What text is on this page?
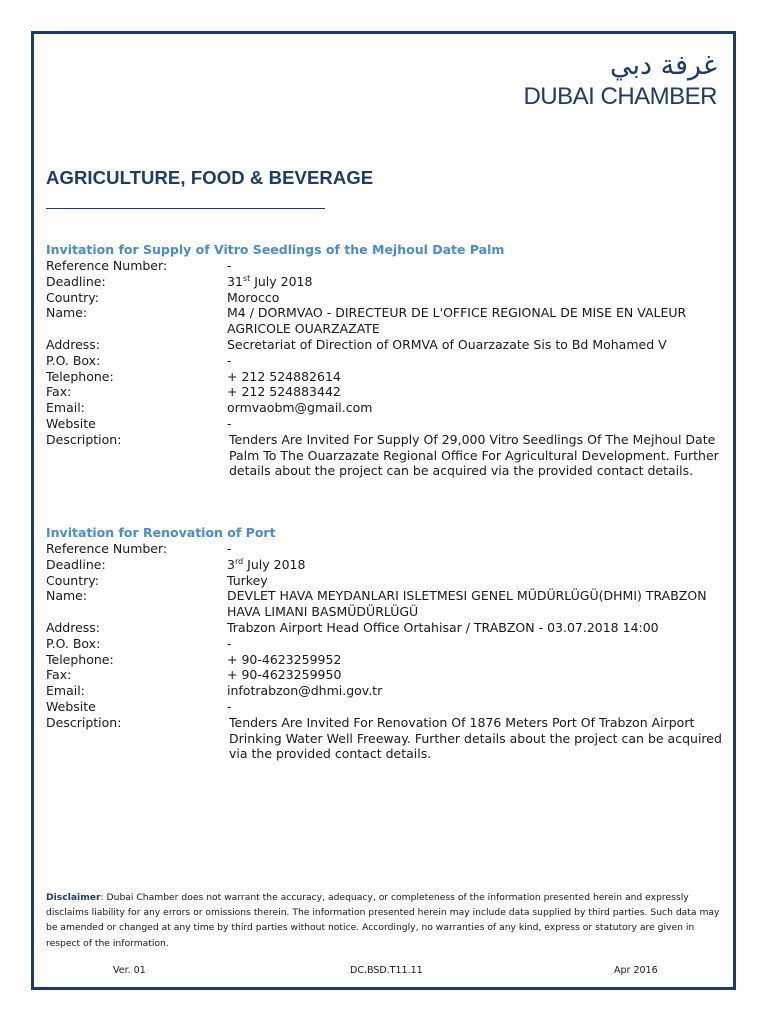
غرفة دبي
DUBAI CHAMBER
AGRICULTURE, FOOD & BEVERAGE
Invitation for Supply of Vitro Seedlings of the Mejhoul Date Palm
Reference Number:	-
Deadline:	31st July 2018
Country:	Morocco
Name:	M4 / DORMVAO - DIRECTEUR DE L'OFFICE REGIONAL DE MISE EN VALEUR AGRICOLE OUARZAZATE
Address:	Secretariat of Direction of ORMVA of Ouarzazate Sis to Bd Mohamed V
P.O. Box:	-
Telephone:	+ 212 524882614
Fax:	+ 212 524883442
Email:	ormvaobm@gmail.com
Website	-
Description:	Tenders Are Invited For Supply Of 29,000 Vitro Seedlings Of The Mejhoul Date Palm To The Ouarzazate Regional Office For Agricultural Development. Further details about the project can be acquired via the provided contact details.
Invitation for Renovation of Port
Reference Number:	-
Deadline:	3rd July 2018
Country:	Turkey
Name:	DEVLET HAVA MEYDANLARI ISLETMESI GENEL MÜDÜRLÜGÜ(DHMI) TRABZON HAVA LIMANI BASMÜDÜRLÜGÜ
Address:	Trabzon Airport Head Office Ortahisar / TRABZON - 03.07.2018 14:00
P.O. Box:	-
Telephone:	+ 90-4623259952
Fax:	+ 90-4623259950
Email:	infotrabzon@dhmi.gov.tr
Website	-
Description:	Tenders Are Invited For Renovation Of 1876 Meters Port Of Trabzon Airport Drinking Water Well Freeway. Further details about the project can be acquired via the provided contact details.
Disclaimer: Dubai Chamber does not warrant the accuracy, adequacy, or completeness of the information presented herein and expressly disclaims liability for any errors or omissions therein. The information presented herein may include data supplied by third parties. Such data may be amended or changed at any time by third parties without notice. Accordingly, no warranties of any kind, express or statutory are given in respect of the information.
Ver. 01	DC.BSD.T11.11	Apr 2016
